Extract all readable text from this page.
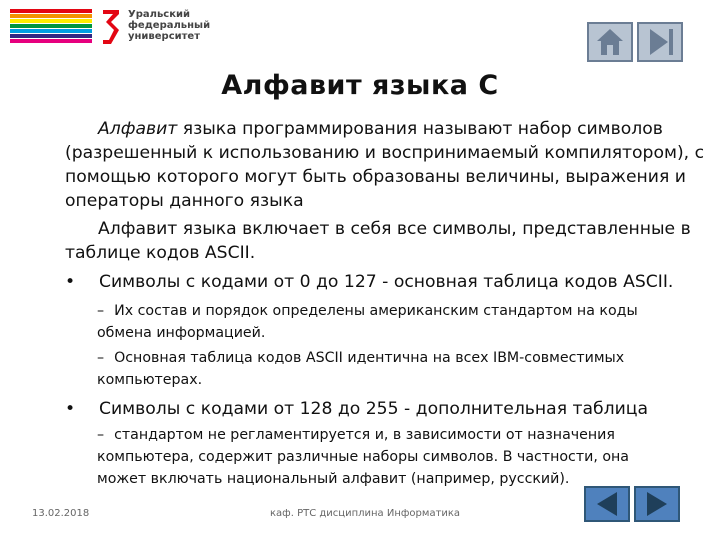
Уральский
федеральный
университет
Алфавит языка С
Алфавит языка программирования называют набор символов (разрешенный к использованию и воспринимаемый компилятором), с помощью которого могут быть образованы величины, выражения и операторы данного языка
Алфавит языка включает в себя все символы, представленные в таблице кодов ASCII.
• Символы с кодами от 0 до 127 - основная таблица кодов ASCII.
– Их состав и порядок определены американским стандартом на коды обмена информацией.
– Основная таблица кодов ASCII идентична на всех IBM-совместимых компьютерах.
• Символы с кодами от 128 до 255 - дополнительная таблица
– стандартом не регламентируется и, в зависимости от назначения компьютера, содержит различные наборы символов. В частности, она может включать национальный алфавит (например, русский).
13.02.2018	каф. РТС дисциплина Информатика
